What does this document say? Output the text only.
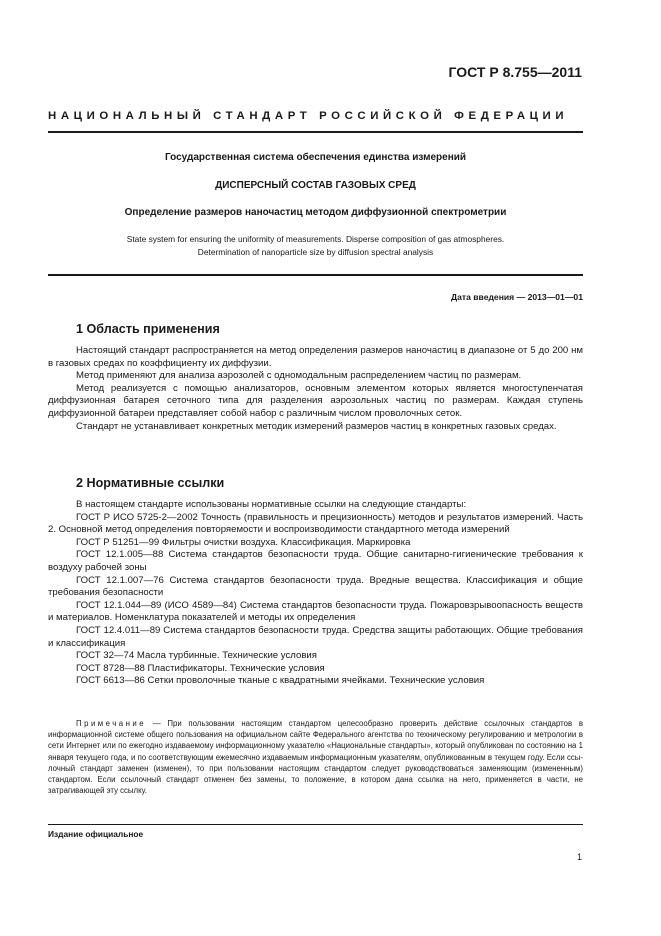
ГОСТ Р 8.755—2011
НАЦИОНАЛЬНЫЙ СТАНДАРТ РОССИЙСКОЙ ФЕДЕРАЦИИ
Государственная система обеспечения единства измерений
ДИСПЕРСНЫЙ СОСТАВ ГАЗОВЫХ СРЕД
Определение размеров наночастиц методом диффузионной спектрометрии
State system for ensuring the uniformity of measurements. Disperse composition of gas atmospheres.
Determination of nanoparticle size by diffusion spectral analysis
Дата введения — 2013—01—01
1 Область применения

Настоящий стандарт распространяется на метод определения размеров наночастиц в диапазоне от 5 до 200 нм в газовых средах по коэффициенту их диффузии.

Метод применяют для анализа аэрозолей с одномодальным распределением частиц по размерам.

Метод реализуется с помощью анализаторов, основным элементом которых является многоступенчатая диффузионная батарея сеточного типа для разделения аэрозольных частиц по размерам. Каждая ступень диффузионной батареи представляет собой набор с различным числом проволочных сеток.

Стандарт не устанавливает конкретных методик измерений размеров частиц в конкретных газовых средах.

2 Нормативные ссылки

В настоящем стандарте использованы нормативные ссылки на следующие стандарты:

ГОСТ Р ИСО 5725-2—2002 Точность (правильность и прецизионность) методов и результатов измерений. Часть 2. Основной метод определения повторяемости и воспроизводимости стандартного метода измерений

ГОСТ Р 51251—99 Фильтры очистки воздуха. Классификация. Маркировка

ГОСТ 12.1.005—88 Система стандартов безопасности труда. Общие санитарно-гигиенические требования к воздуху рабочей зоны

ГОСТ 12.1.007—76 Система стандартов безопасности труда. Вредные вещества. Классификация и общие требования безопасности

ГОСТ 12.1.044—89 (ИСО 4589—84) Система стандартов безопасности труда. Пожаровзрывоопасность веществ и материалов. Номенклатура показателей и методы их определения

ГОСТ 12.4.011—89 Система стандартов безопасности труда. Средства защиты работающих. Общие требования и классификация

ГОСТ 32—74 Масла турбинные. Технические условия

ГОСТ 8728—88 Пластификаторы. Технические условия

ГОСТ 6613—86 Сетки проволочные тканые с квадратными ячейками. Технические условия

Примечание — При пользовании настоящим стандартом целесообразно проверить действие ссылочных стандартов в информационной системе общего пользования на официальном сайте Федерального агентства по техническому регулированию и метрологии в сети Интернет или по ежегодно издаваемому информационному указателю «Национальные стандарты», который опубликован по состоянию на 1 января текущего года, и по соответствующим ежемесячно издаваемым информационным указателям, опубликованным в текущем году. Если ссылочный стандарт заменен (изменен), то при пользовании настоящим стандартом следует руководствоваться заменяющим (измененным) стандартом. Если ссылочный стандарт отменен без замены, то положение, в котором дана ссылка на него, применяется в части, не затрагивающей эту ссылку.

Издание официальное
1
